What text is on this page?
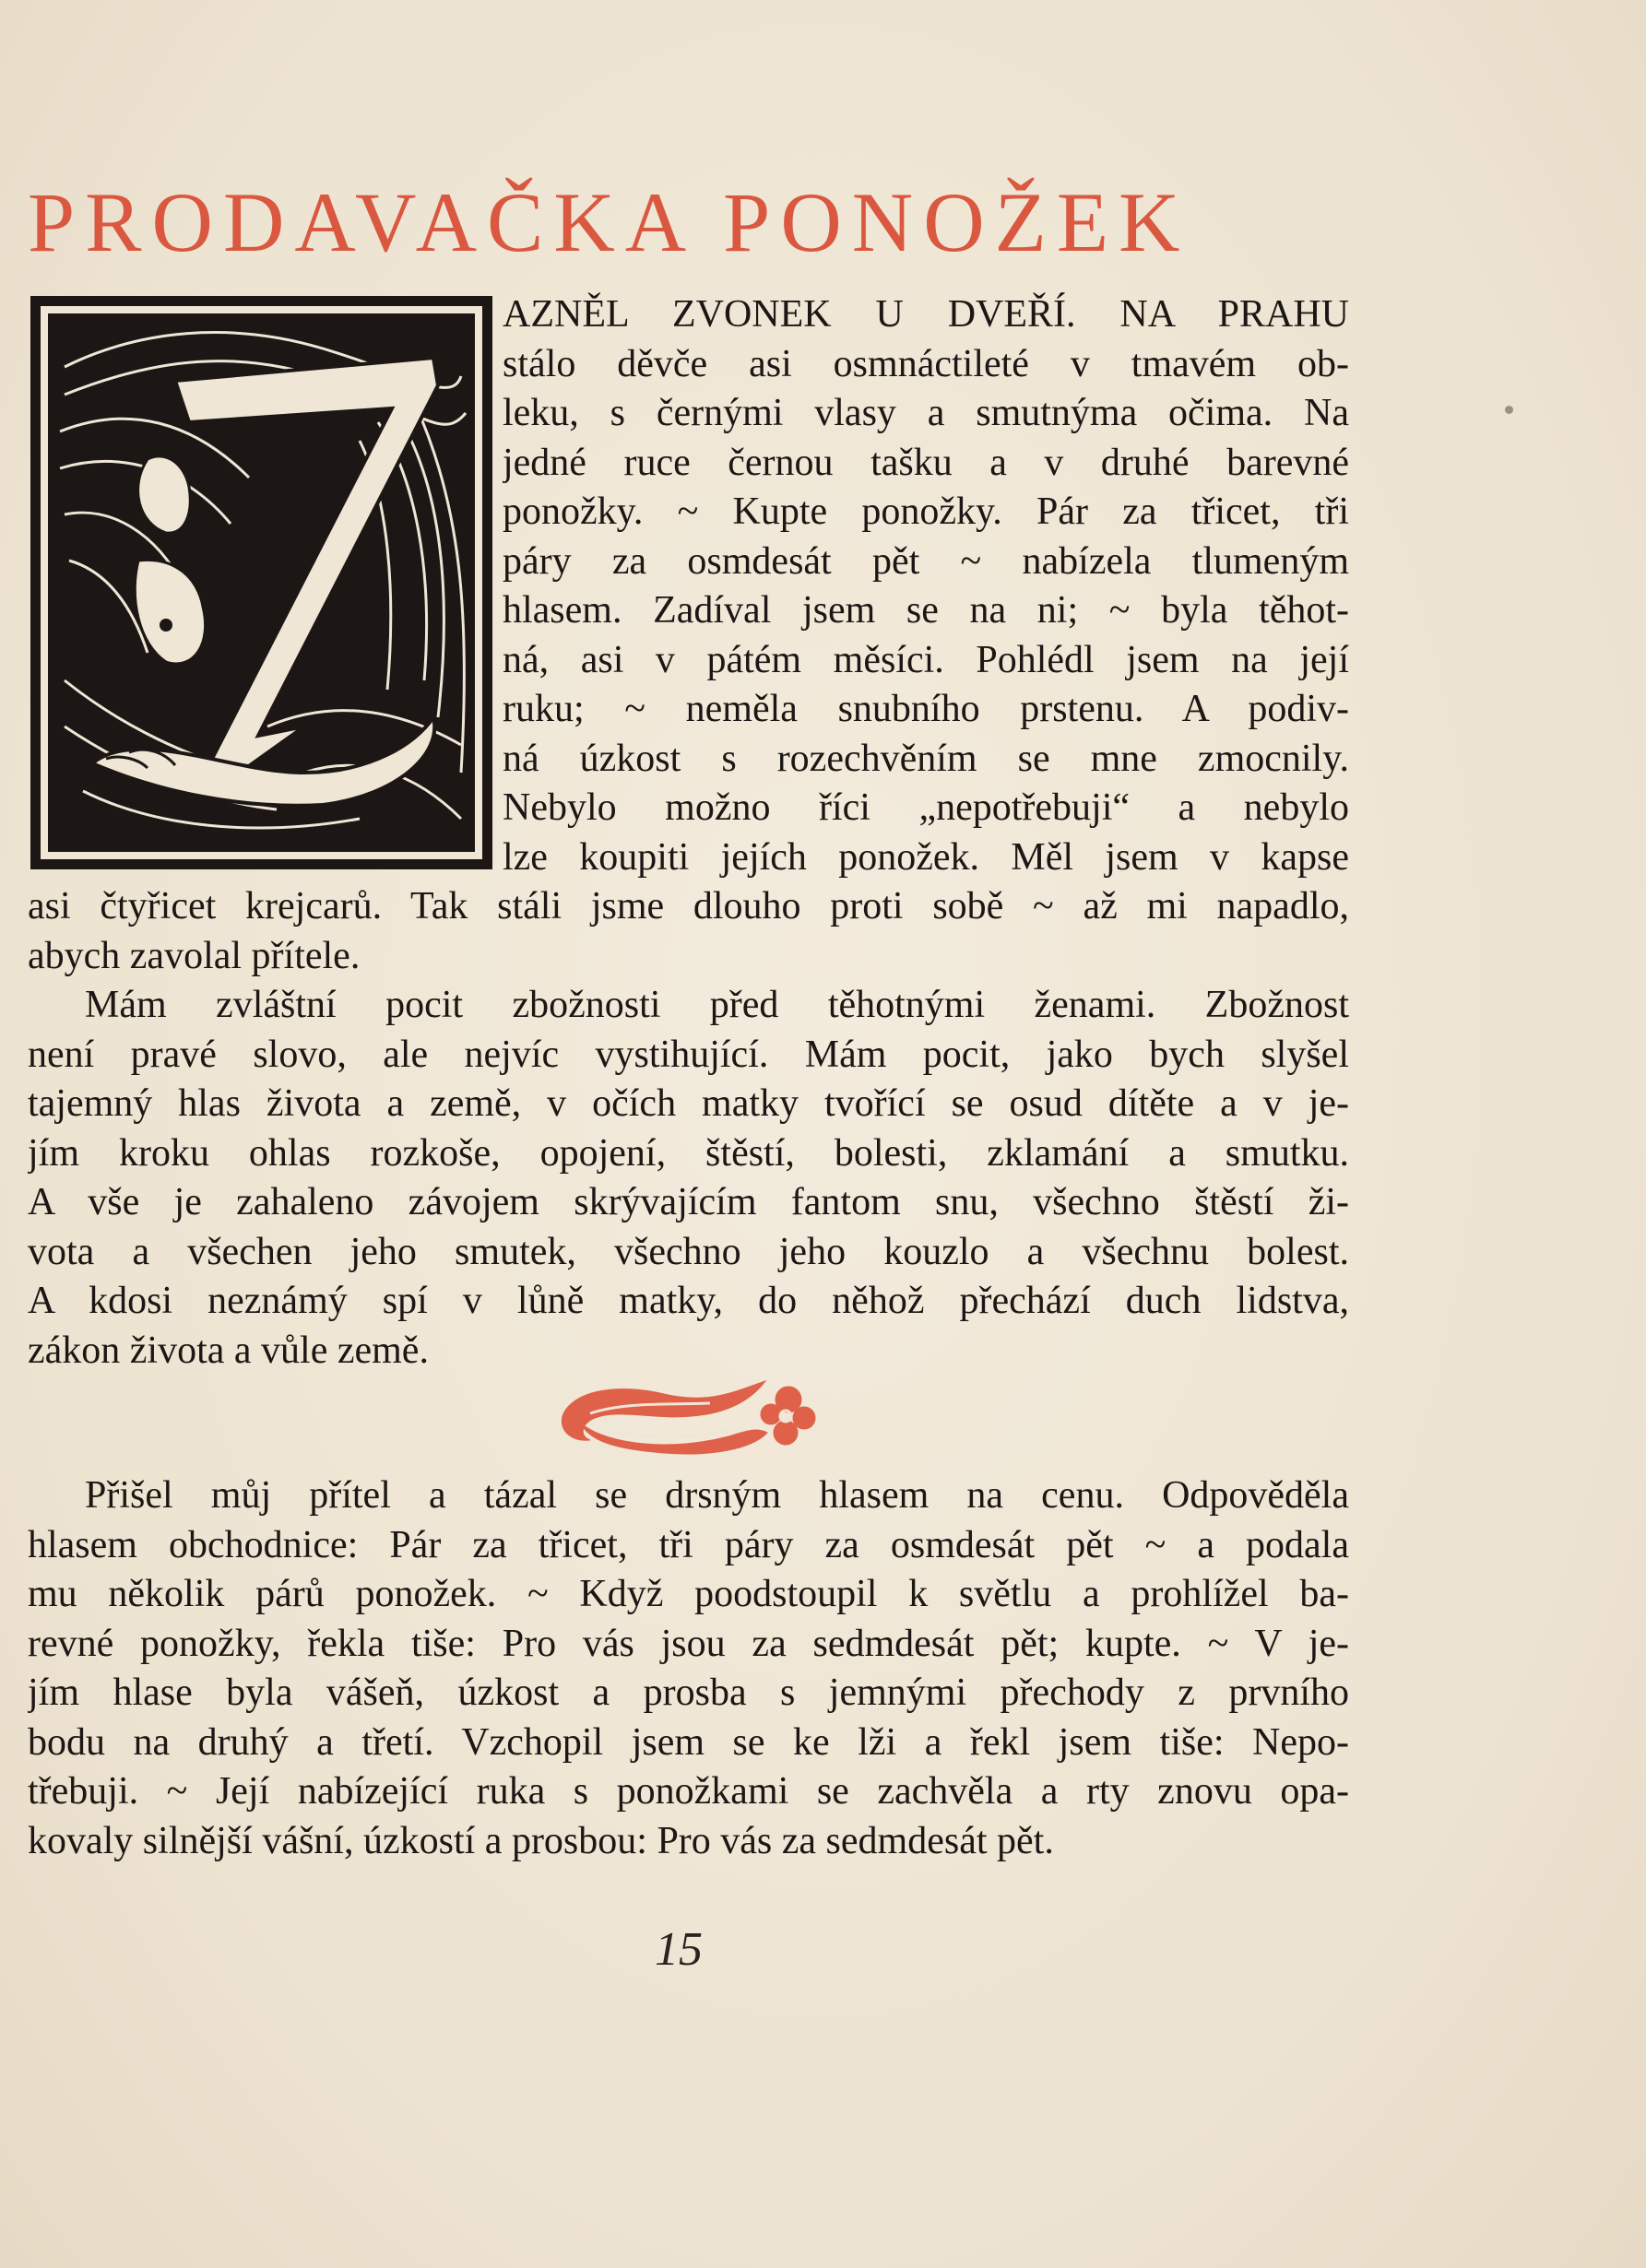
PRODAVAČKA PONOŽEK
AZNĚL ZVONEK U DVEŘÍ. NA PRAHU
stálo děvče asi osmnáctileté v tmavém ob-
leku, s černými vlasy a smutnýma očima. Na
jedné ruce černou tašku a v druhé barevné
ponožky. ~ Kupte ponožky. Pár za třicet, tři
páry za osmdesát pět ~ nabízela tlumeným
hlasem. Zadíval jsem se na ni; ~ byla těhot-
ná, asi v pátém měsíci. Pohlédl jsem na její
ruku; ~ neměla snubního prstenu. A podiv-
ná úzkost s rozechvěním se mne zmocnily.
Nebylo možno říci „nepotřebuji“ a nebylo
lze koupiti jejích ponožek. Měl jsem v kapse
asi čtyřicet krejcarů. Tak stáli jsme dlouho proti sobě ~ až mi napadlo,
abych zavolal přítele.
Mám zvláštní pocit zbožnosti před těhotnými ženami. Zbožnost
není pravé slovo, ale nejvíc vystihující. Mám pocit, jako bych slyšel
tajemný hlas života a země, v očích matky tvořící se osud dítěte a v je-
jím kroku ohlas rozkoše, opojení, štěstí, bolesti, zklamání a smutku.
A vše je zahaleno závojem skrývajícím fantom snu, všechno štěstí ži-
vota a všechen jeho smutek, všechno jeho kouzlo a všechnu bolest.
A kdosi neznámý spí v lůně matky, do něhož přechází duch lidstva,
zákon života a vůle země.
Přišel můj přítel a tázal se drsným hlasem na cenu. Odpověděla
hlasem obchodnice: Pár za třicet, tři páry za osmdesát pět ~ a podala
mu několik párů ponožek. ~ Když poodstoupil k světlu a prohlížel ba-
revné ponožky, řekla tiše: Pro vás jsou za sedmdesát pět; kupte. ~ V je-
jím hlase byla vášeň, úzkost a prosba s jemnými přechody z prvního
bodu na druhý a třetí. Vzchopil jsem se ke lži a řekl jsem tiše: Nepo-
třebuji. ~ Její nabízející ruka s ponožkami se zachvěla a rty znovu opa-
kovaly silnější vášní, úzkostí a prosbou: Pro vás za sedmdesát pět.
15
